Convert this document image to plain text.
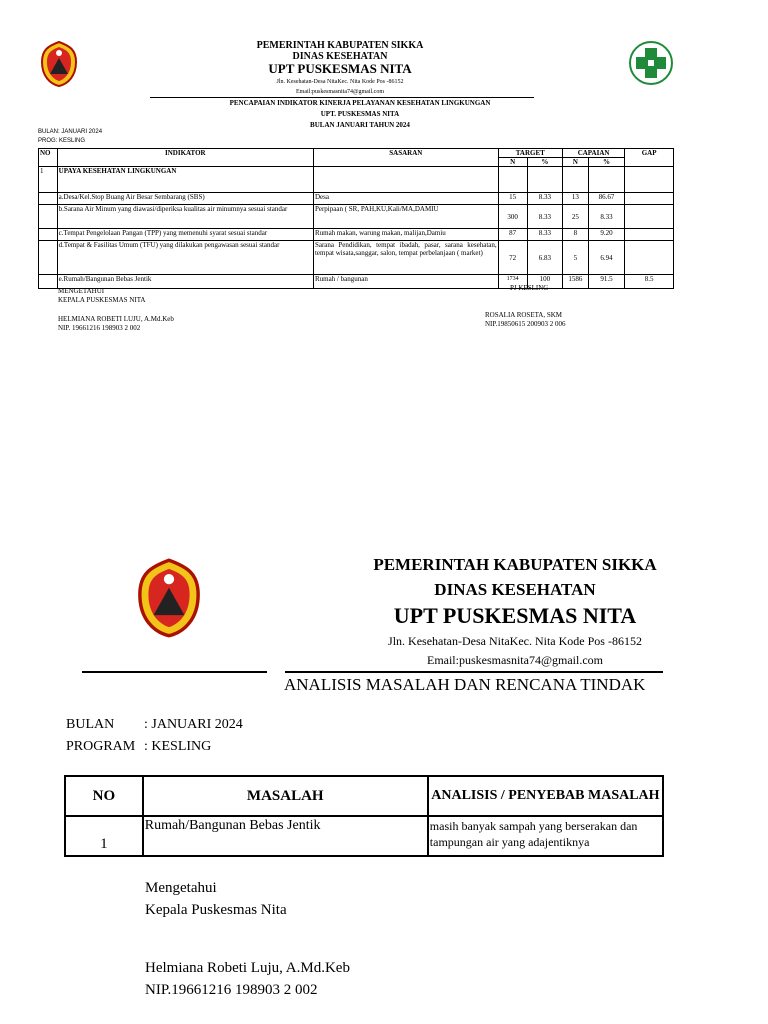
PEMERINTAH KABUPATEN SIKKA
DINAS KESEHATAN
UPT PUSKESMAS NITA
Jln. Kesehatan-Desa NitaKec. Nita Kode Pos -86152
Email:puskesmasnita74@gmail.com
PENCAPAIAN INDIKATOR KINERJA PELAYANAN KESEHATAN LINGKUNGAN
UPT. PUSKESMAS NITA
BULAN JANUARI TAHUN 2024
BULAN: JANUARI 2024
PROG: KESLING
NO	INDIKATOR	SASARAN	TARGET		CAPAIAN		GAP
			N	%	N	%	
1	UPAYA KESEHATAN LINGKUNGAN						
	a.Desa/Kel.Stop Buang Air Besar Sembarang (SBS)	Desa	15	8.33	13	86.67	
	b.Sarana Air Minum yang diawasi/diperiksa kualitas air minumnya sesuai standar	Perpipaan ( SR, PAH,KU,Kali/MA,DAMIU	300	8.33	25	8.33	
	c.Tempat Pengelolaan Pangan (TPP) yang memenuhi syarat sesuai standar	Rumah makan, warung makan, malijan,Damiu	87	8.33	8	9.20	
	d.Tempat & Fasilitas Umum (TFU) yang dilakukan pengawasan sesuai standar	Sarana Pendidikan, tempat ibadah, pasar, sarana kesehatan, tempat wisata,sanggar, salon, tempat perbelanjaan ( market)	72	6.83	5	6.94	
	e.Rumah/Bangunan Bebas Jentik	Rumah / bangunan	1734	100	1586	91.5	8.5
MENGETAHUI
KEPALA PUSKESMAS NITA
HELMIANA ROBETI LUJU, A.Md.Keb
NIP. 19661216 198903 2 002
PJ KESLING
ROSALIA ROSETA, SKM
NIP.19850615 200903 2 006
PEMERINTAH KABUPATEN SIKKA
DINAS KESEHATAN
UPT PUSKESMAS NITA
Jln. Kesehatan-Desa NitaKec. Nita Kode Pos -86152
Email:puskesmasnita74@gmail.com
ANALISIS MASALAH DAN RENCANA TINDAK
BULAN : JANUARI 2024
PROGRAM : KESLING
NO	MASALAH	ANALISIS / PENYEBAB MASALAH
1	Rumah/Bangunan Bebas Jentik	masih banyak sampah yang berserakan dan tampungan air yang adajentiknya
Mengetahui
Kepala Puskesmas Nita
Helmiana Robeti Luju, A.Md.Keb
NIP.19661216 198903 2 002
